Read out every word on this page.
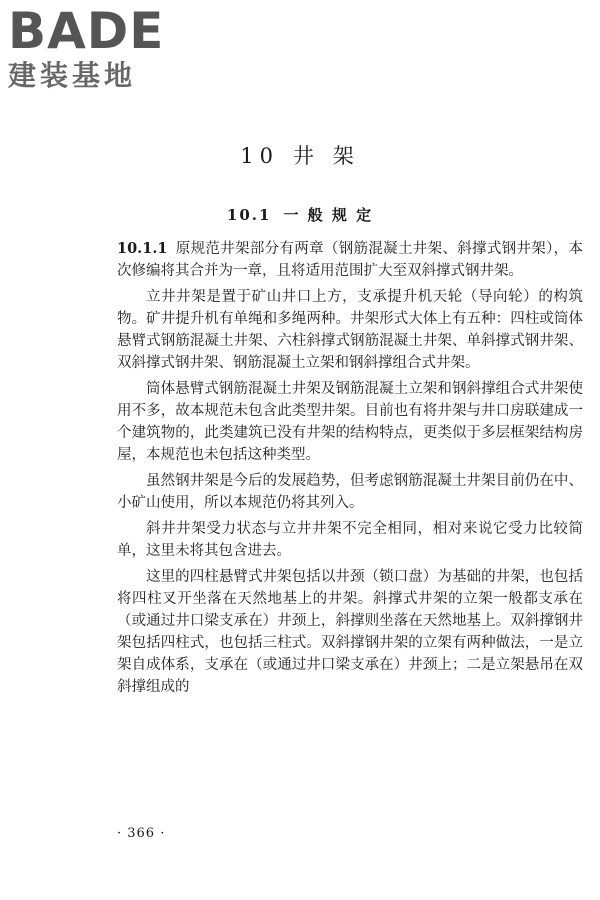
BADE
建装基地
10 井 架
10.1 一 般 规 定

10.1.1 原规范井架部分有两章（钢筋混凝土井架、斜撑式钢井架），本次修编将其合并为一章，且将适用范围扩大至双斜撑式钢井架。

立井井架是置于矿山井口上方，支承提升机天轮（导向轮）的构筑物。矿井提升机有单绳和多绳两种。井架形式大体上有五种：四柱或筒体悬臂式钢筋混凝土井架、六柱斜撑式钢筋混凝土井架、单斜撑式钢井架、双斜撑式钢井架、钢筋混凝土立架和钢斜撑组合式井架。

筒体悬臂式钢筋混凝土井架及钢筋混凝土立架和钢斜撑组合式井架使用不多，故本规范未包含此类型井架。目前也有将井架与井口房联建成一个建筑物的，此类建筑已没有井架的结构特点，更类似于多层框架结构房屋，本规范也未包括这种类型。

虽然钢井架是今后的发展趋势，但考虑钢筋混凝土井架目前仍在中、小矿山使用，所以本规范仍将其列入。

斜井井架受力状态与立井井架不完全相同，相对来说它受力比较简单，这里未将其包含进去。

这里的四柱悬臂式井架包括以井颈（锁口盘）为基础的井架，也包括将四柱叉开坐落在天然地基上的井架。斜撑式井架的立架一般都支承在（或通过井口梁支承在）井颈上，斜撑则坐落在天然地基上。双斜撑钢井架包括四柱式，也包括三柱式。双斜撑钢井架的立架有两种做法，一是立架自成体系，支承在（或通过井口梁支承在）井颈上；二是立架悬吊在双斜撑组成的

· 366 ·
